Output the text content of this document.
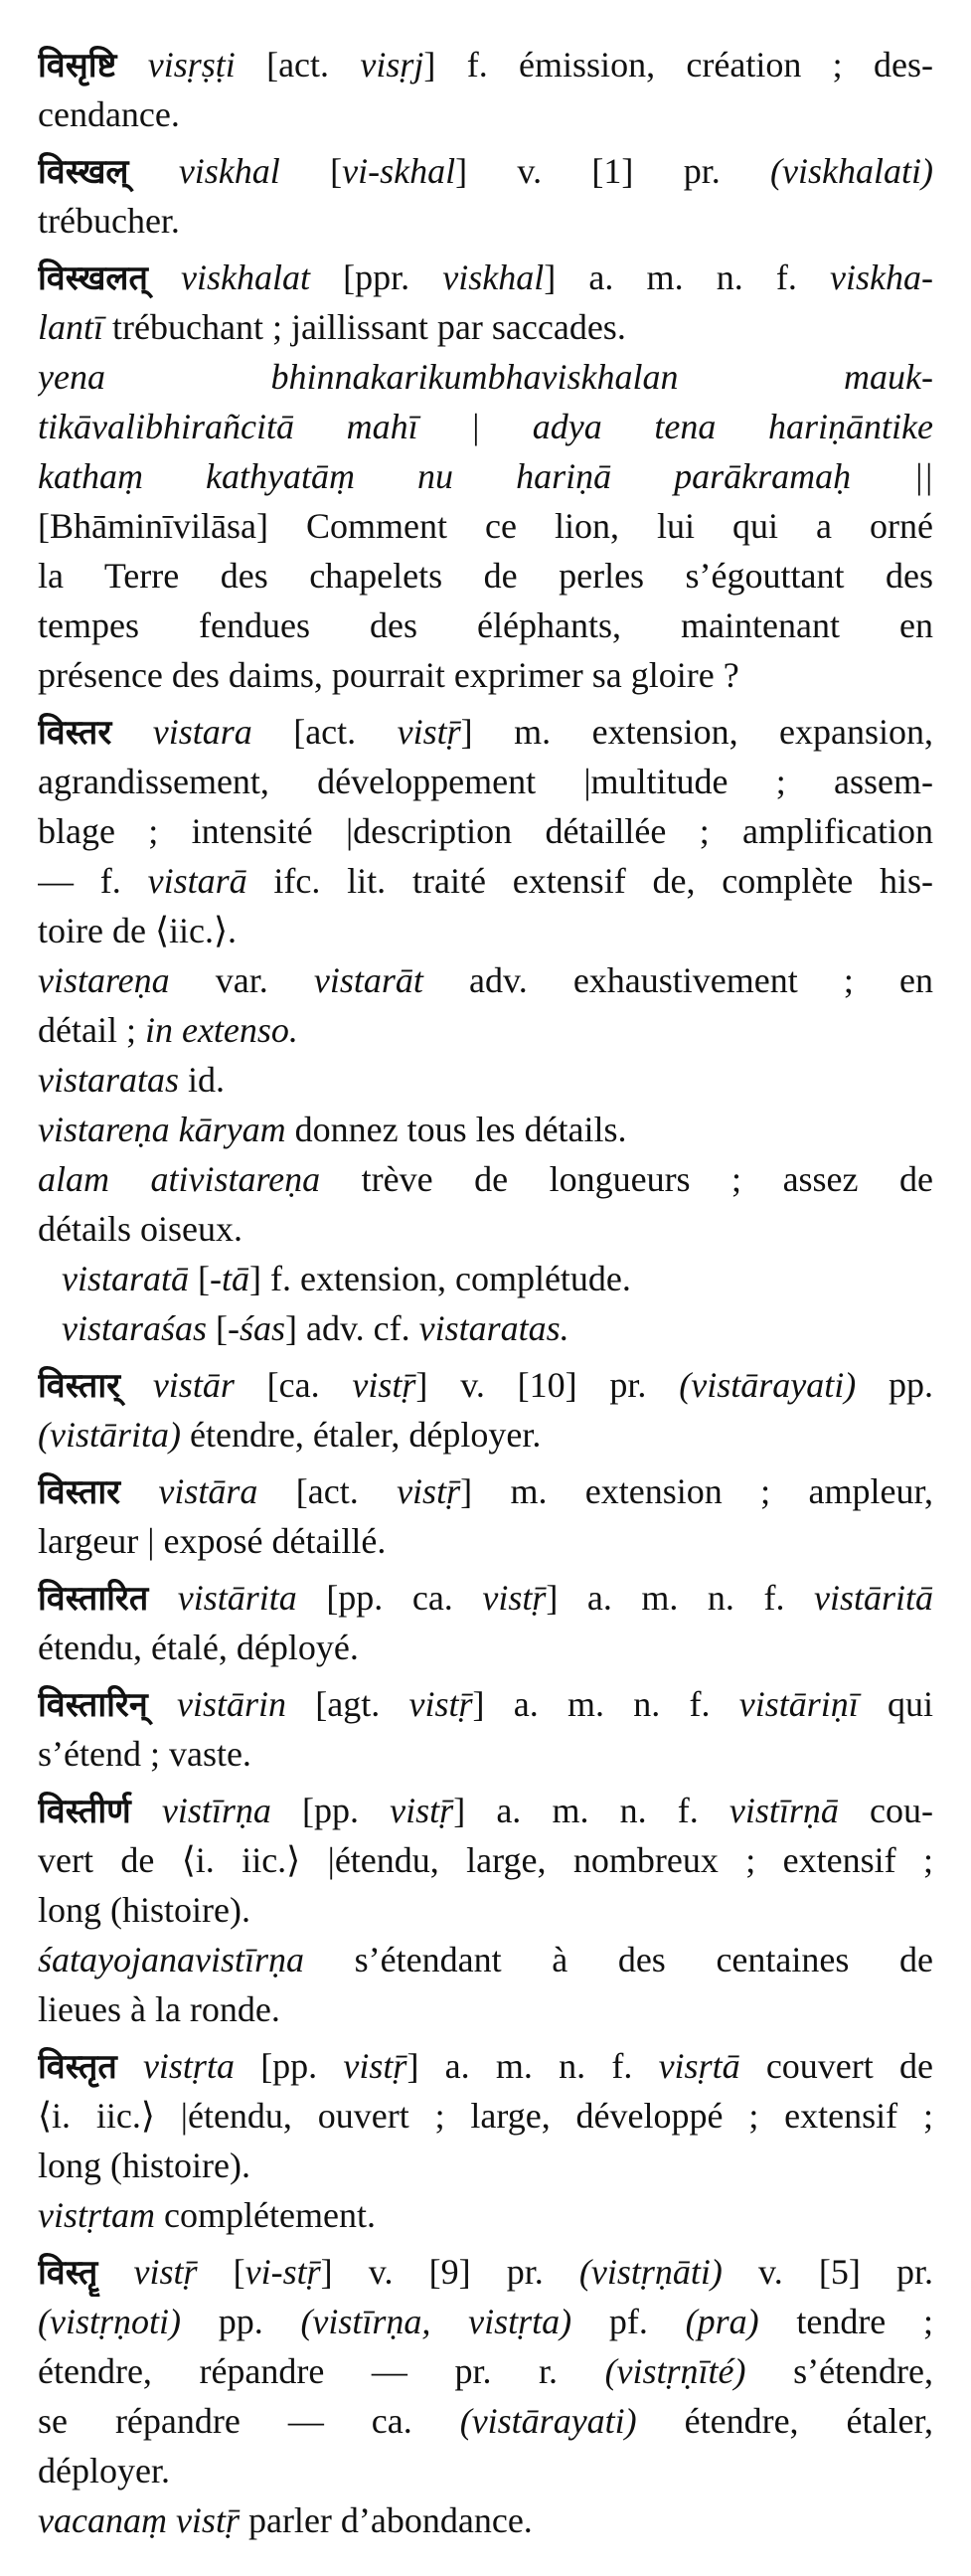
विसृष्टि visṛṣṭi [act. visṛj] f. émission, création ; des-
cendance.
विस्खल् viskhal [vi-skhal] v. [1] pr. (viskhalati)
trébucher.
विस्खलत् viskhalat [ppr. viskhal] a. m. n. f. viskha-
lantī trébuchant ; jaillissant par saccades.
yena bhinnakarikumbhaviskhalan mauk-
tikāvalibhirañcitā mahī | adya tena hariṇāntike
kathaṃ kathyatāṃ nu hariṇā parākramaḥ ||
[Bhāminīvilāsa] Comment ce lion, lui qui a orné
la Terre des chapelets de perles s’égouttant des
tempes fendues des éléphants, maintenant en
présence des daims, pourrait exprimer sa gloire ?
विस्तर vistara [act. vistṝ] m. extension, expansion,
agrandissement, développement |multitude ; assem-
blage ; intensité |description détaillée ; amplification
— f. vistarā ifc. lit. traité extensif de, complète his-
toire de ⟨iic.⟩.
vistareṇa var. vistarāt adv. exhaustivement ; en
détail ; in extenso.
vistaratas id.
vistareṇa kāryam donnez tous les détails.
alam ativistareṇa trève de longueurs ; assez de
détails oiseux.
vistaratā [-tā] f. extension, complétude.
vistaraśas [-śas] adv. cf. vistaratas.
विस्तार् vistār [ca. vistṝ] v. [10] pr. (vistārayati) pp.
(vistārita) étendre, étaler, déployer.
विस्तार vistāra [act. vistṝ] m. extension ; ampleur,
largeur | exposé détaillé.
विस्तारित vistārita [pp. ca. vistṝ] a. m. n. f. vistāritā
étendu, étalé, déployé.
विस्तारिन् vistārin [agt. vistṝ] a. m. n. f. vistāriṇī qui
s’étend ; vaste.
विस्तीर्ण vistīrṇa [pp. vistṝ] a. m. n. f. vistīrṇā cou-
vert de ⟨i. iic.⟩ |étendu, large, nombreux ; extensif ;
long (histoire).
śatayojanavistīrṇa s’étendant à des centaines de
lieues à la ronde.
विस्तृत vistṛta [pp. vistṝ] a. m. n. f. visṛtā couvert de
⟨i. iic.⟩ |étendu, ouvert ; large, développé ; extensif ;
long (histoire).
vistṛtam complétement.
विस्तॄ vistṝ [vi-stṝ] v. [9] pr. (vistṛṇāti) v. [5] pr.
(vistṛṇoti) pp. (vistīrṇa, vistṛta) pf. (pra) tendre ;
étendre, répandre — pr. r. (vistṛṇīté) s’étendre,
se répandre — ca. (vistārayati) étendre, étaler,
déployer.
vacanaṃ vistṝ parler d’abondance.
